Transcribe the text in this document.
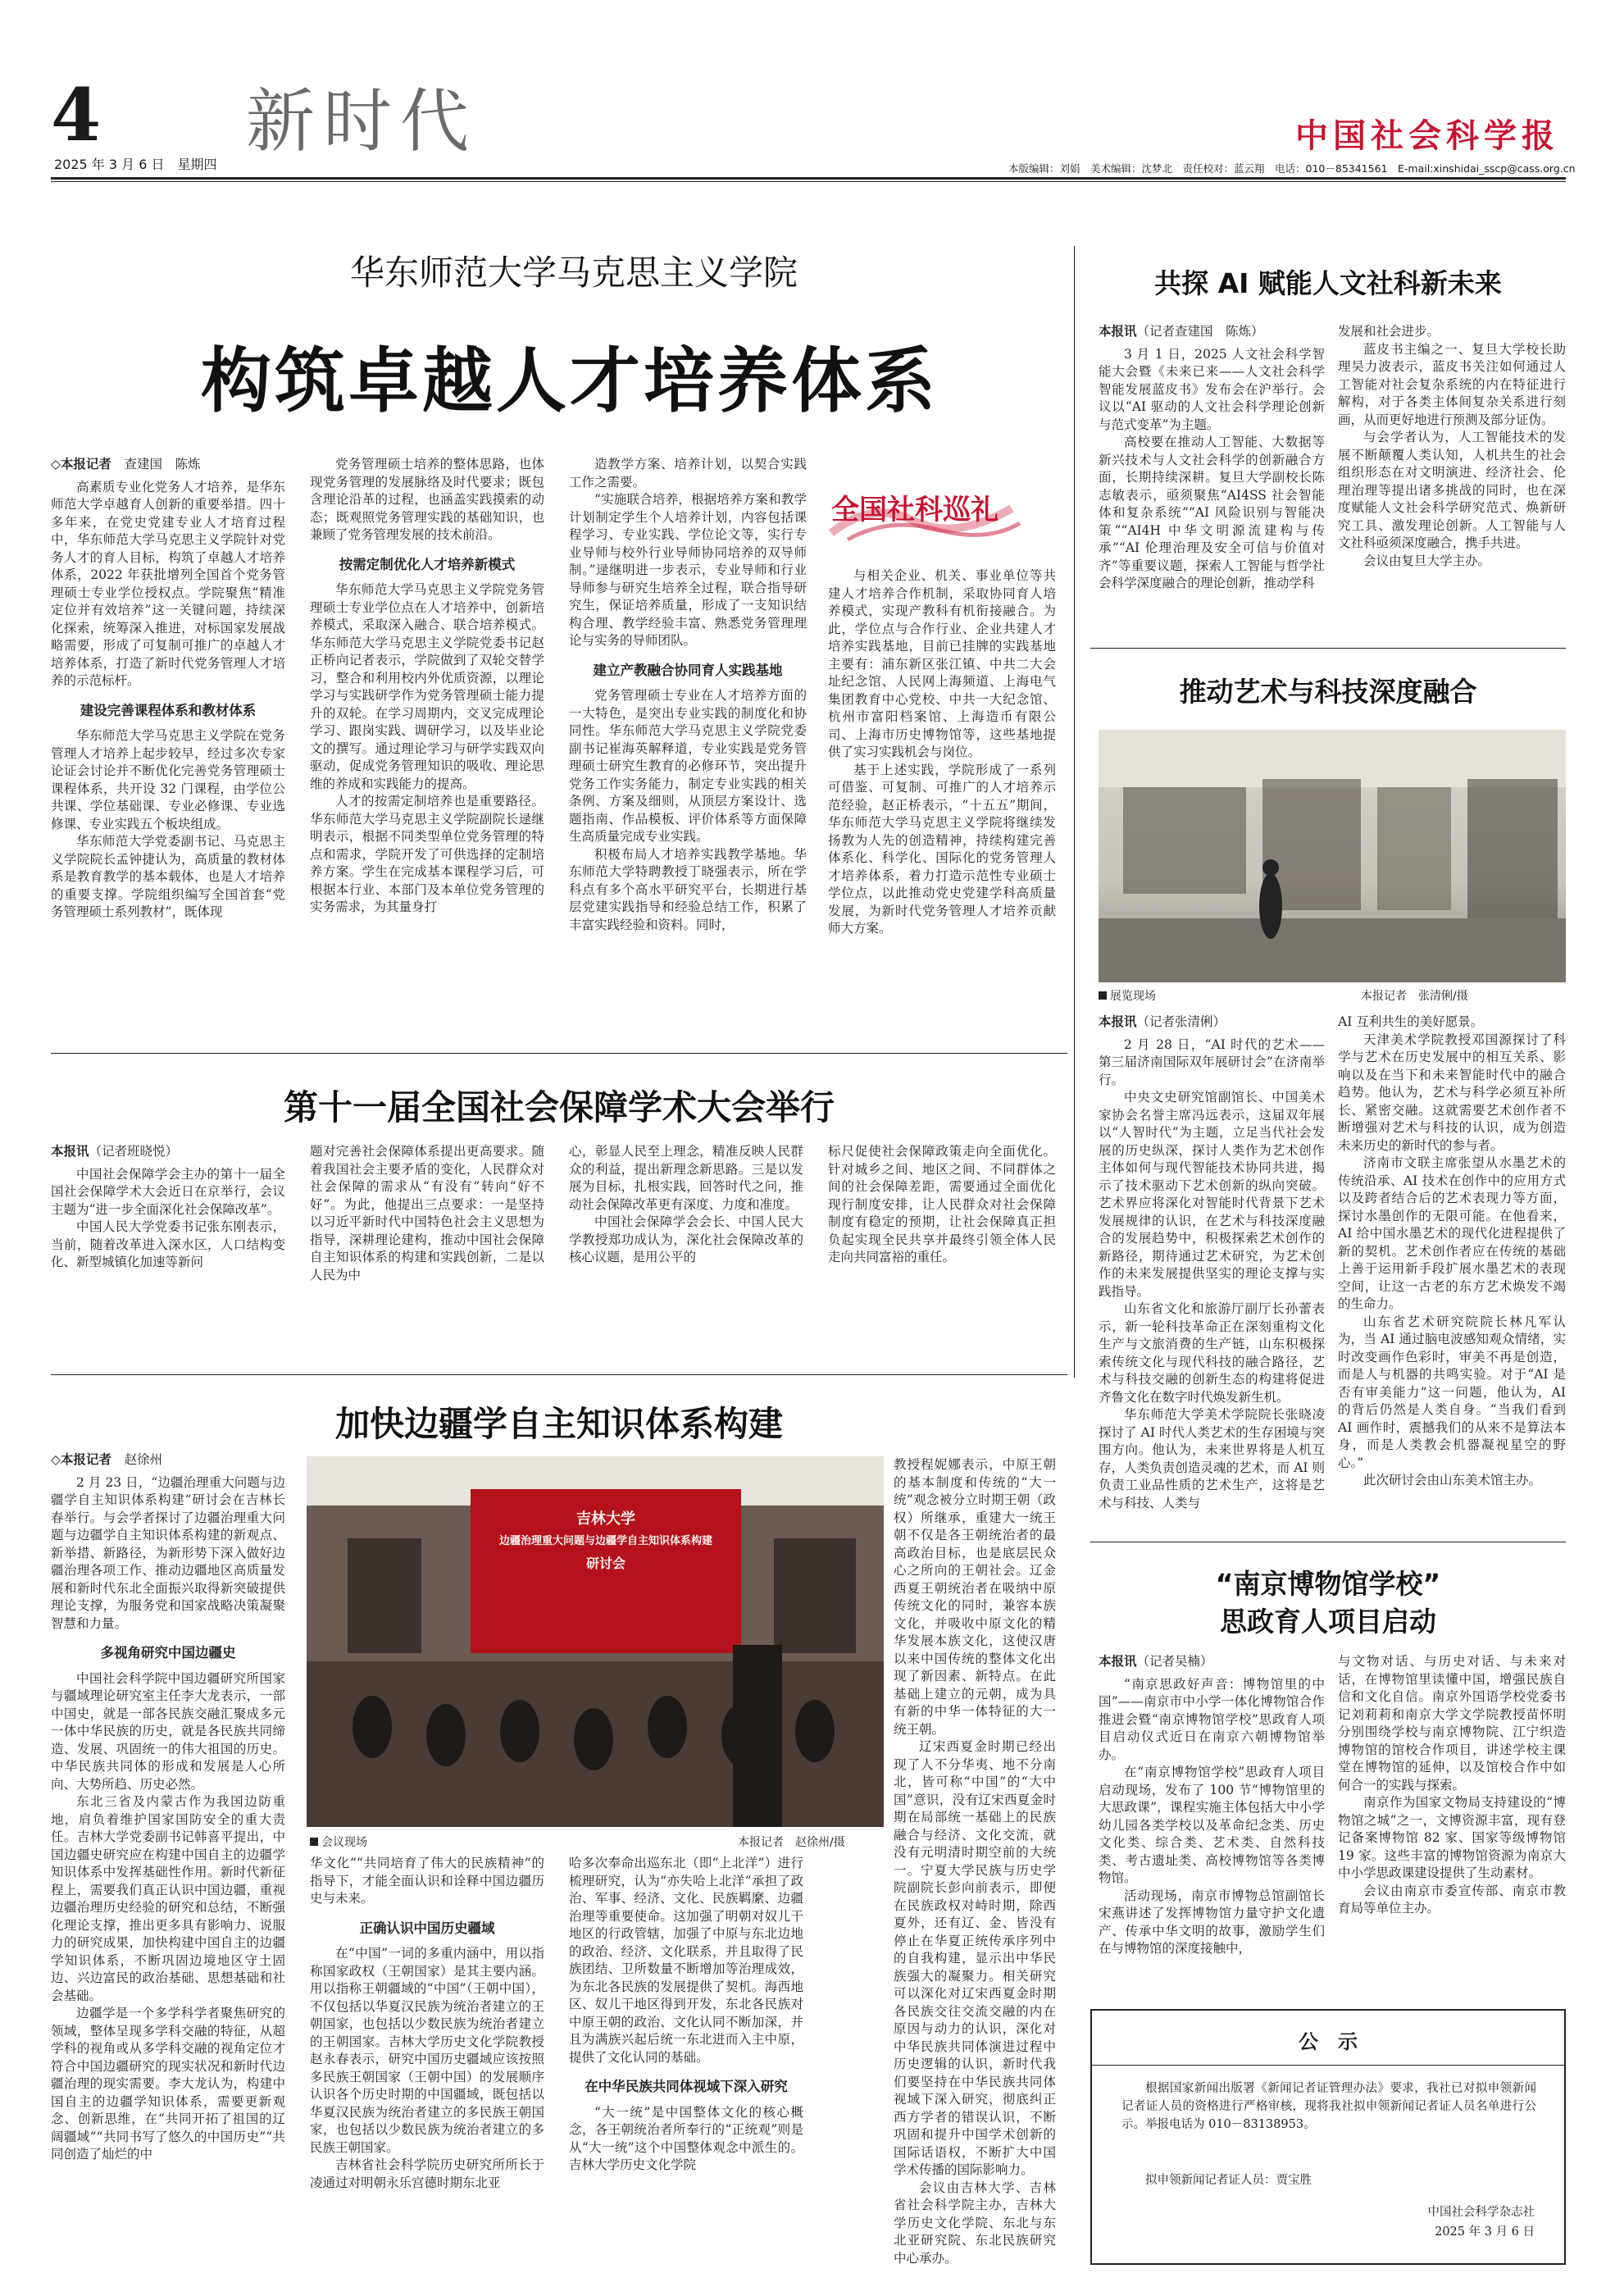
4 新时代
2025 年 3 月 6 日　 星期四
中国社会科学报
本版编辑：刘娟　美术编辑：沈梦北　责任校对：蓝云翔　电话：010－85341561　E-mail:xinshidai_sscp@cass.org.cn
华东师范大学马克思主义学院
构筑卓越人才培养体系

◇本报记者　 查建国　陈炼

高素质专业化党务人才培养，是华东师范大学卓越育人创新的重要举措。四十多年来，在党史党建专业人才培育过程中，华东师范大学马克思主义学院针对党务人才的育人目标，构筑了卓越人才培养体系，2022 年获批增列全国首个党务管理硕士专业学位授权点。学院聚焦“精准定位并有效培养”这一关键问题，持续深化探索，统筹深入推进，对标国家发展战略需要，形成了可复制可推广的卓越人才培养体系，打造了新时代党务管理人才培养的示范标杆。

建设完善课程体系和教材体系

华东师范大学马克思主义学院在党务管理人才培养上起步较早，经过多次专家论证会讨论并不断优化完善党务管理硕士课程体系，共开设 32 门课程，由学位公共课、学位基础课、专业必修课、专业选修课、专业实践五个板块组成。

华东师范大学党委副书记、马克思主义学院院长孟钟捷认为，高质量的教材体系是教育教学的基本载体，也是人才培养的重要支撑。学院组织编写全国首套“党务管理硕士系列教材”，既体现

党务管理硕士培养的整体思路，也体现党务管理的发展脉络及时代要求；既包含理论沿革的过程，也涵盖实践摸索的动态；既观照党务管理实践的基础知识，也兼顾了党务管理发展的技术前沿。

按需定制优化人才培养新模式

华东师范大学马克思主义学院党务管理硕士专业学位点在人才培养中，创新培养模式，采取深入融合、联合培养模式。华东师范大学马克思主义学院党委书记赵正桥向记者表示，学院做到了双轮交替学习，整合和利用校内外优质资源，以理论学习与实践研学作为党务管理硕士能力提升的双轮。在学习周期内，交叉完成理论学习、跟岗实践、调研学习，以及毕业论文的撰写。通过理论学习与研学实践双向驱动，促成党务管理知识的吸收、理论思维的养成和实践能力的提高。

人才的按需定制培养也是重要路径。华东师范大学马克思主义学院副院长逯继明表示，根据不同类型单位党务管理的特点和需求，学院开发了可供选择的定制培养方案。学生在完成基本课程学习后，可根据本行业、本部门及本单位党务管理的实务需求，为其量身打

造教学方案、培养计划，以契合实践工作之需要。

“实施联合培养，根据培养方案和教学计划制定学生个人培养计划，内容包括课程学习、专业实践、学位论文等，实行专业导师与校外行业导师协同培养的双导师制。”逯继明进一步表示，专业导师和行业导师参与研究生培养全过程，联合指导研究生，保证培养质量，形成了一支知识结构合理、教学经验丰富、熟悉党务管理理论与实务的导师团队。

建立产教融合协同育人实践基地

党务管理硕士专业在人才培养方面的一大特色，是突出专业实践的制度化和协同性。华东师范大学马克思主义学院党委副书记崔海英解释道，专业实践是党务管理硕士研究生教育的必修环节，突出提升党务工作实务能力，制定专业实践的相关条例、方案及细则，从顶层方案设计、选题指南、作品模板、评价体系等方面保障生高质量完成专业实践。

积极布局人才培养实践教学基地。华东师范大学特聘教授丁晓强表示，所在学科点有多个高水平研究平台，长期进行基层党建实践指导和经验总结工作，积累了丰富实践经验和资料。同时，

全国社科巡礼

与相关企业、机关、事业单位等共建人才培养合作机制，采取协同育人培养模式，实现产教科有机衔接融合。为此，学位点与合作行业、企业共建人才培养实践基地，目前已挂牌的实践基地主要有：浦东新区张江镇、中共二大会址纪念馆、人民网上海频道、上海电气集团教育中心党校、中共一大纪念馆、杭州市富阳档案馆、上海造币有限公司、上海市历史博物馆等，这些基地提供了实习实践机会与岗位。

基于上述实践，学院形成了一系列可借鉴、可复制、可推广的人才培养示范经验，赵正桥表示，“十五五”期间，华东师范大学马克思主义学院将继续发扬教为人先的创造精神，持续构建完善体系化、科学化、国际化的党务管理人才培养体系，着力打造示范性专业硕士学位点，以此推动党史党建学科高质量发展，为新时代党务管理人才培养贡献师大方案。

共探 AI 赋能人文社科新未来

本报讯（记者查建国　陈炼）

3 月 1 日，2025 人文社会科学智能大会暨《未来已来——人文社会科学智能发展蓝皮书》发布会在沪举行。会议以“AI 驱动的人文社会科学理论创新与范式变革”为主题。

高校要在推动人工智能、大数据等新兴技术与人文社会科学的创新融合方面，长期持续深耕。复旦大学副校长陈志敏表示，亟须聚焦“AI4SS 社会智能体和复杂系统”“AI 风险识别与智能决策”“AI4H 中华文明源流建构与传承”“AI 伦理治理及安全可信与价值对齐”等重要议题，探索人工智能与哲学社会科学深度融合的理论创新，推动学科

发展和社会进步。

蓝皮书主编之一、复旦大学校长助理吴力波表示，蓝皮书关注如何通过人工智能对社会复杂系统的内在特征进行解构，对于各类主体间复杂关系进行刻画，从而更好地进行预测及部分证伪。

与会学者认为，人工智能技术的发展不断颠覆人类认知，人机共生的社会组织形态在对文明演进、经济社会、伦理治理等提出诸多挑战的同时，也在深度赋能人文社会科学研究范式、焕新研究工具、激发理论创新。人工智能与人文社科亟须深度融合，携手共进。

会议由复旦大学主办。

推动艺术与科技深度融合
展览现场	本报记者　张清俐/摄

本报讯（记者张清俐）

2 月 28 日，“AI 时代的艺术——第三届济南国际双年展研讨会”在济南举行。

中央文史研究馆副馆长、中国美术家协会名誉主席冯远表示，这届双年展以“人智时代”为主题，立足当代社会发展的历史纵深，探讨人类作为艺术创作主体如何与现代智能技术协同共进，揭示了技术驱动下艺术创新的纵向突破。艺术界应将深化对智能时代背景下艺术发展规律的认识，在艺术与科技深度融合的发展趋势中，积极探索艺术创作的新路径，期待通过艺术研究，为艺术创作的未来发展提供坚实的理论支撑与实践指导。

山东省文化和旅游厅副厅长孙蕾表示，新一轮科技革命正在深刻重构文化生产与文旅消费的生产链，山东积极探索传统文化与现代科技的融合路径，艺术与科技交融的创新生态的构建将促进齐鲁文化在数字时代焕发新生机。

华东师范大学美术学院院长张晓凌探讨了 AI 时代人类艺术的生存困境与突围方向。他认为，未来世界将是人机互存，人类负责创造灵魂的艺术，而 AI 则负责工业品性质的艺术生产，这将是艺术与科技、人类与

AI 互利共生的美好愿景。

天津美术学院教授邓国源探讨了科学与艺术在历史发展中的相互关系、影响以及在当下和未来智能时代中的融合趋势。他认为，艺术与科学必须互补所长、紧密交融。这就需要艺术创作者不断增强对艺术与科技的认识，成为创造未来历史的新时代的参与者。

济南市文联主席张望从水墨艺术的传统沿承、AI 技术在创作中的应用方式以及跨者结合后的艺术表现力等方面，探讨水墨创作的无限可能。在他看来，AI 给中国水墨艺术的现代化进程提供了新的契机。艺术创作者应在传统的基础上善于运用新手段扩展水墨艺术的表现空间，让这一古老的东方艺术焕发不竭的生命力。

山东省艺术研究院院长林凡军认为，当 AI 通过脑电波感知观众情绪，实时改变画作色彩时，审美不再是创造，而是人与机器的共鸣实验。对于“AI 是否有审美能力”这一问题，他认为，AI 的背后仍然是人类自身。“当我们看到 AI 画作时，震撼我们的从来不是算法本身，而是人类教会机器凝视星空的野心。”

此次研讨会由山东美术馆主办。

第十一届全国社会保障学术大会举行

本报讯（记者班晓悦）

中国社会保障学会主办的第十一届全国社会保障学术大会近日在京举行，会议主题为“进一步全面深化社会保障改革”。

中国人民大学党委书记张东刚表示，当前，随着改革进入深水区，人口结构变化、新型城镇化加速等新问

题对完善社会保障体系提出更高要求。随着我国社会主要矛盾的变化，人民群众对社会保障的需求从“有没有”转向“好不好”。为此，他提出三点要求：一是坚持以习近平新时代中国特色社会主义思想为指导，深耕理论建构，推动中国社会保障自主知识体系的构建和实践创新，二是以人民为中

心，彰显人民至上理念，精准反映人民群众的利益，提出新理念新思路。三是以发展为目标，扎根实践，回答时代之问，推动社会保障改革更有深度、力度和准度。

中国社会保障学会会长、中国人民大学教授郑功成认为，深化社会保障改革的核心议题，是用公平的

标尺促使社会保障政策走向全面优化。针对城乡之间、地区之间、不同群体之间的社会保障差距，需要通过全面优化现行制度安排，让人民群众对社会保障制度有稳定的预期，让社会保障真正担负起实现全民共享并最终引领全体人民走向共同富裕的重任。

加快边疆学自主知识体系构建

◇本报记者　 赵徐州

2 月 23 日，“边疆治理重大问题与边疆学自主知识体系构建”研讨会在吉林长春举行。与会学者探讨了边疆治理重大问题与边疆学自主知识体系构建的新观点、新举措、新路径，为新形势下深入做好边疆治理各项工作、推动边疆地区高质量发展和新时代东北全面振兴取得新突破提供理论支撑，为服务党和国家战略决策凝聚智慧和力量。

多视角研究中国边疆史

中国社会科学院中国边疆研究所国家与疆域理论研究室主任李大龙表示，一部中国史，就是一部各民族交融汇聚成多元一体中华民族的历史，就是各民族共同缔造、发展、巩固统一的伟大祖国的历史。中华民族共同体的形成和发展是人心所向、大势所趋、历史必然。

东北三省及内蒙古作为我国边防重地，肩负着维护国家国防安全的重大责任。吉林大学党委副书记韩喜平提出，中国边疆史研究应在构建中国自主的边疆学知识体系中发挥基础性作用。新时代新征程上，需要我们真正认识中国边疆，重视边疆治理历史经验的研究和总结，不断强化理论支撑，推出更多具有影响力、说服力的研究成果，加快构建中国自主的边疆学知识体系，不断巩固边境地区守土固边、兴边富民的政治基础、思想基础和社会基础。

边疆学是一个多学科学者聚焦研究的领域，整体呈现多学科交融的特征，从超学科的视角或从多学科交融的视角定位才符合中国边疆研究的现实状况和新时代边疆治理的现实需要。李大龙认为，构建中国自主的边疆学知识体系，需要更新观念、创新思维，在“共同开拓了祖国的辽阔疆域”“共同书写了悠久的中国历史”“共同创造了灿烂的中

吉林大学
边疆治理重大问题与边疆学自主知识体系构建
研讨会
会议现场	本报记者　赵徐州/摄

华文化”“共同培育了伟大的民族精神”的指导下，才能全面认识和诠释中国边疆历史与未来。

正确认识中国历史疆域

在“中国”一词的多重内涵中，用以指称国家政权（王朝国家）是其主要内涵。用以指称王朝疆域的“中国”（王朝中国），不仅包括以华夏汉民族为统治者建立的王朝国家，也包括以少数民族为统治者建立的王朝国家。吉林大学历史文化学院教授赵永春表示，研究中国历史疆域应该按照多民族王朝国家（王朝中国）的发展顺序认识各个历史时期的中国疆域，既包括以华夏汉民族为统治者建立的多民族王朝国家，也包括以少数民族为统治者建立的多民族王朝国家。

吉林省社会科学院历史研究所所长于凌通过对明朝永乐宫德时期东北亚

哈多次奉命出巡东北（即“上北洋”）进行梳理研究，认为“亦失哈上北洋”承担了政治、军事、经济、文化、民族羁縻、边疆治理等重要使命。这加强了明朝对奴儿干地区的行政管辖，加强了中原与东北边地的政治、经济、文化联系，并且取得了民族团结、卫所数量不断增加等治理成效，为东北各民族的发展提供了契机。海西地区、奴儿干地区得到开发，东北各民族对中原王朝的政治、文化认同不断加深，并且为满族兴起后统一东北进而入主中原，提供了文化认同的基础。

在中华民族共同体视域下深入研究

“大一统”是中国整体文化的核心概念，各王朝统治者所奉行的“正统观”则是从“大一统”这个中国整体观念中派生的。吉林大学历史文化学院

教授程妮娜表示，中原王朝的基本制度和传统的“大一统”观念被分立时期王朝（政权）所继承，重建大一统王朝不仅是各王朝统治者的最高政治目标，也是底层民众心之所向的王朝社会。辽金西夏王朝统治者在吸纳中原传统文化的同时，兼容本族文化，并吸收中原文化的精华发展本族文化，这使汉唐以来中国传统的整体文化出现了新因素、新特点。在此基础上建立的元朝，成为具有新的中华一体特征的大一统王朝。

辽宋西夏金时期已经出现了人不分华夷、地不分南北，皆可称“中国”的“大中国”意识，没有辽宋西夏金时期在局部统一基础上的民族融合与经济、文化交流，就没有元明清时期空前的大统一。宁夏大学民族与历史学院副院长彭向前表示，即便在民族政权对峙时期，除西夏外，还有辽、金、皆没有停止在华夏正统传承序列中的自我构建，显示出中华民族强大的凝聚力。相关研究可以深化对辽宋西夏金时期各民族交往交流交融的内在原因与动力的认识，深化对中华民族共同体演进过程中历史逻辑的认识，新时代我们要坚持在中华民族共同体视域下深入研究，彻底纠正西方学者的错误认识，不断巩固和提升中国学术创新的国际话语权，不断扩大中国学术传播的国际影响力。

会议由吉林大学、吉林省社会科学院主办，吉林大学历史文化学院、东北与东北亚研究院、东北民族研究中心承办。

“南京博物馆学校”
思政育人项目启动

本报讯（记者吴楠）

“南京思政好声音：博物馆里的中国”——南京市中小学一体化博物馆合作推进会暨“南京博物馆学校”思政育人项目启动仪式近日在南京六朝博物馆举办。

在“南京博物馆学校”思政育人项目启动现场，发布了 100 节“博物馆里的大思政课”，课程实施主体包括大中小学幼儿园各类学校以及革命纪念类、历史文化类、综合类、艺术类、自然科技类、考古遗址类、高校博物馆等各类博物馆。

活动现场，南京市博物总馆副馆长宋燕讲述了发挥博物馆力量守护文化遗产、传承中华文明的故事，激励学生们在与博物馆的深度接触中，

与文物对话、与历史对话、与未来对话，在博物馆里读懂中国，增强民族自信和文化自信。南京外国语学校党委书记刘莉莉和南京大学文学院教授苗怀明分别围绕学校与南京博物院、江宁织造博物馆的馆校合作项目，讲述学校主课堂在博物馆的延伸，以及馆校合作中如何合一的实践与探索。

南京作为国家文物局支持建设的“博物馆之城”之一，文博资源丰富，现有登记备案博物馆 82 家、国家等级博物馆 19 家。这些丰富的博物馆资源为南京大中小学思政课建设提供了生动素材。

会议由南京市委宣传部、南京市教育局等单位主办。

公　示
根据国家新闻出版署《新闻记者证管理办法》要求，我社已对拟申领新闻记者证人员的资格进行严格审核，现将我社拟申领新闻记者证人员名单进行公示。举报电话为 010－83138953。
拟申领新闻记者证人员：贾宝胜
中国社会科学杂志社
2025 年 3 月 6 日
